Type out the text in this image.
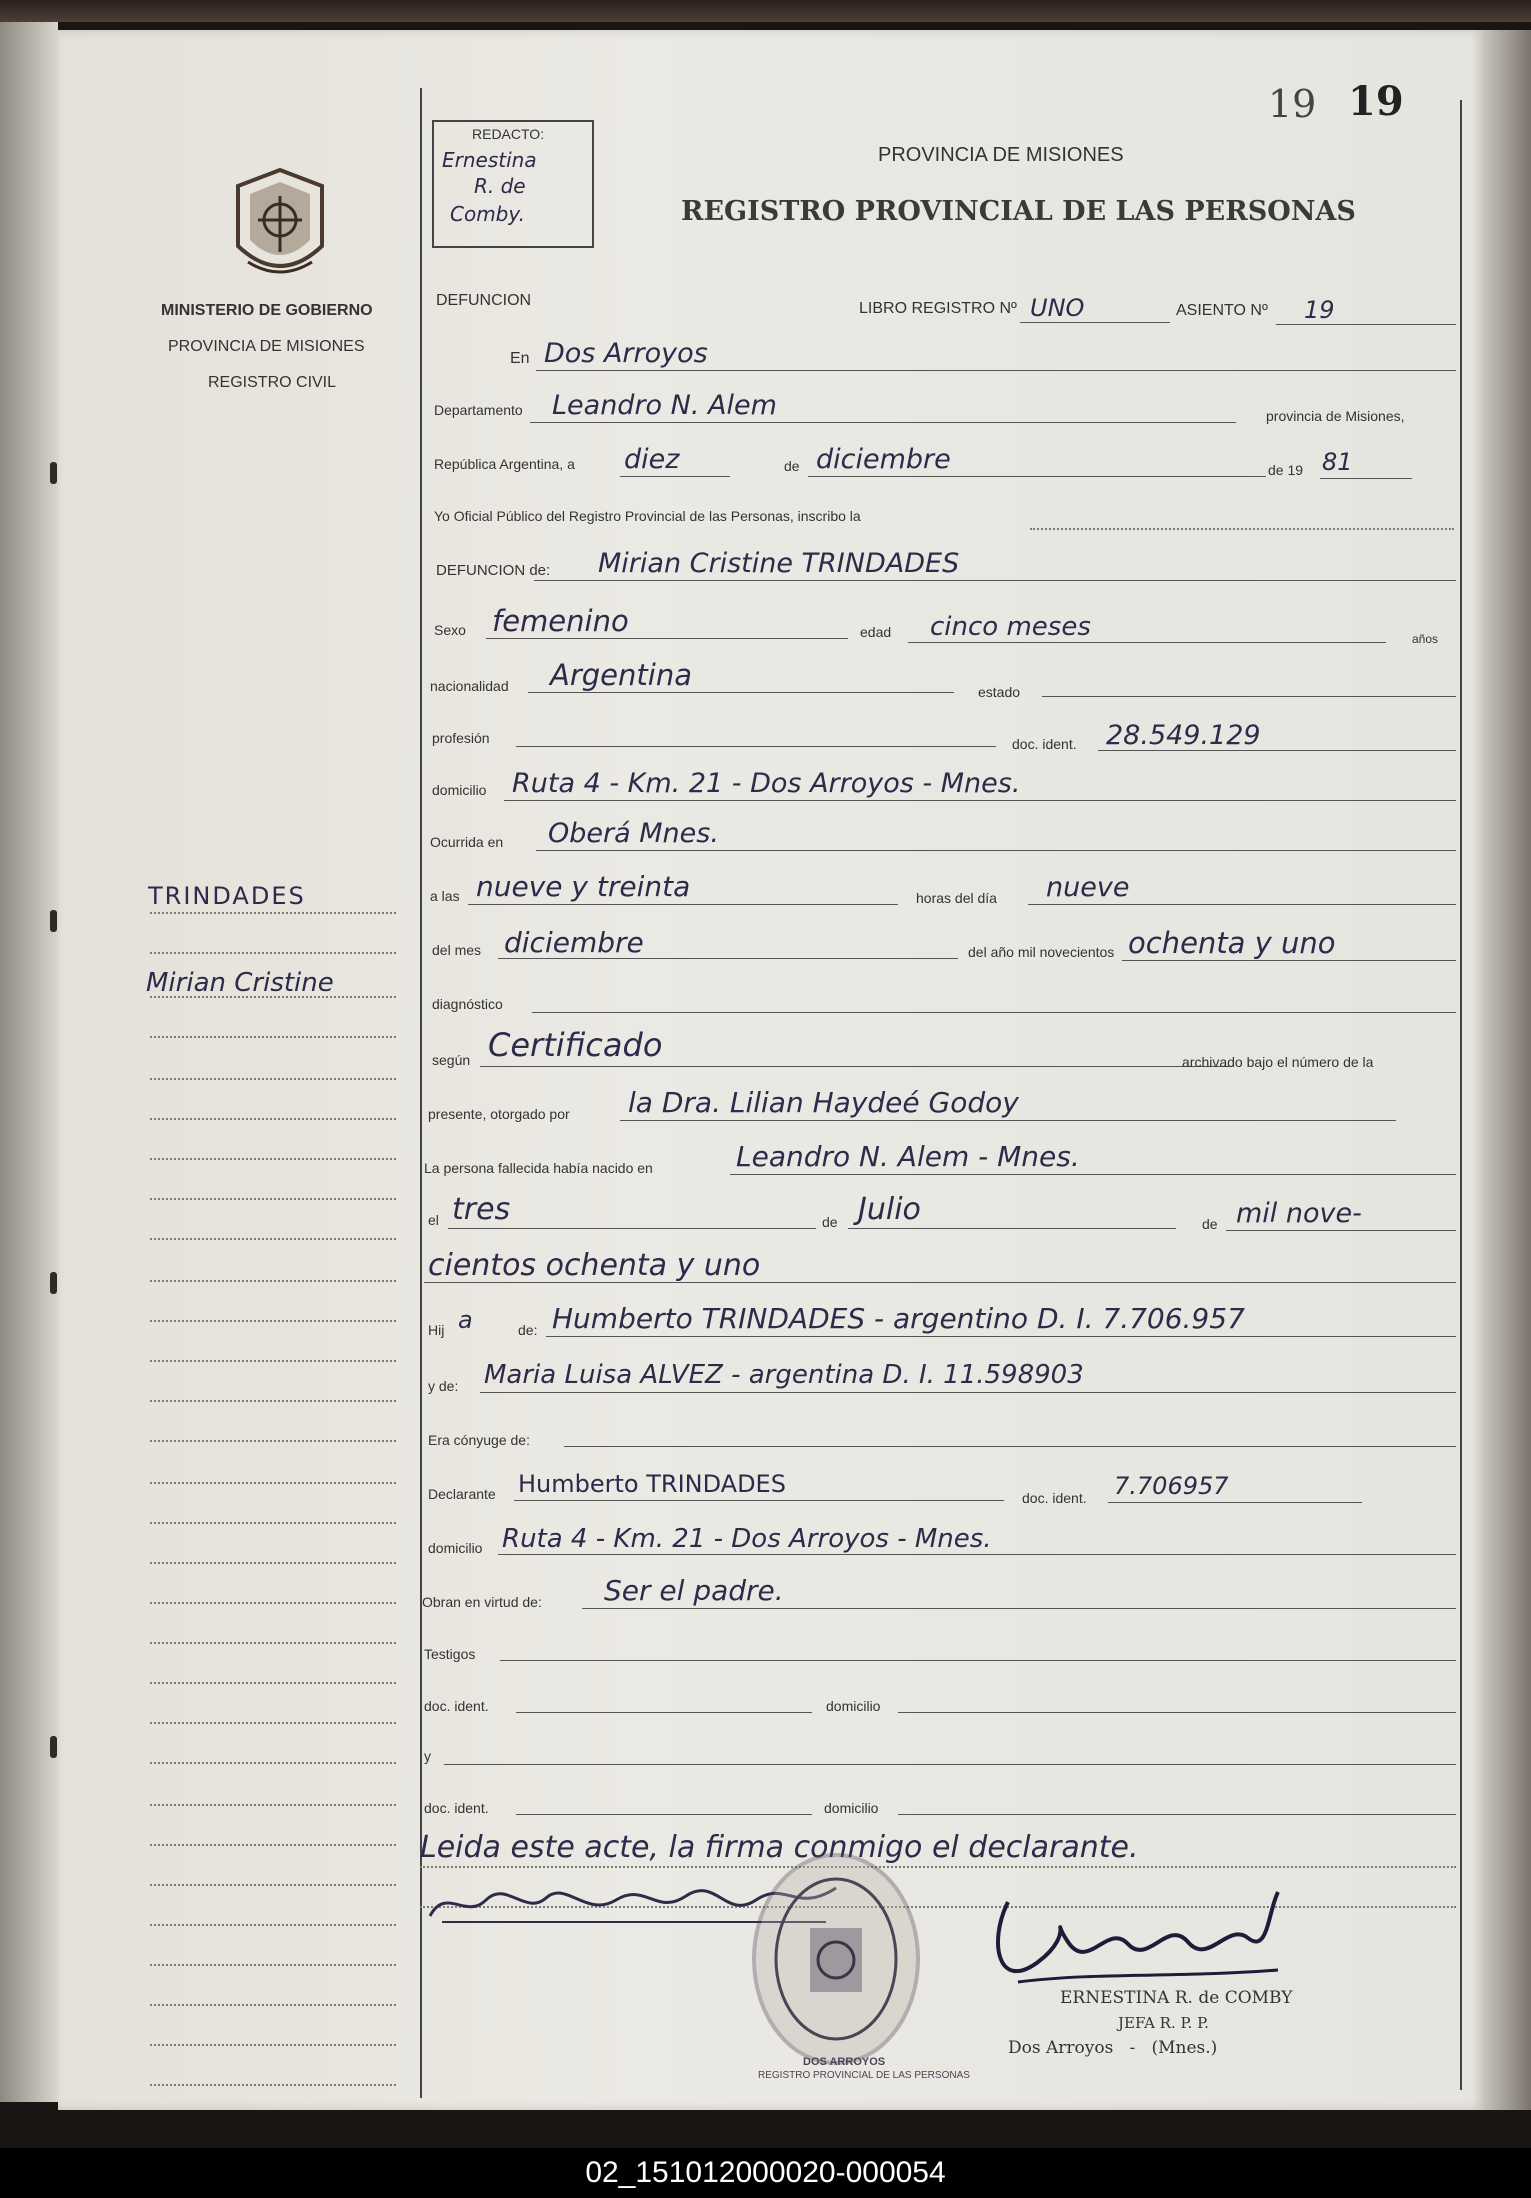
MINISTERIO DE GOBIERNO
PROVINCIA DE MISIONES
REGISTRO CIVIL
TRINDADES
Mirian Cristine
REDACTO:
Ernestina
R. de
Comby.
19 19
PROVINCIA DE MISIONES
REGISTRO PROVINCIAL DE LAS PERSONAS
DEFUNCION	LIBRO REGISTRO Nº UNO	ASIENTO Nº 19
En Dos Arroyos
Departamento Leandro N. Alem	provincia de Misiones,
República Argentina, a diez	de diciembre	de 19 81
Yo Oficial Público del Registro Provincial de las Personas, inscribo la
DEFUNCION de: Mirian Cristine TRINDADES
Sexo femenino	edad cinco meses	años
nacionalidad Argentina	estado
profesión	doc. ident. 28.549.129
domicilio Ruta 4 - Km. 21 - Dos Arroyos - Mnes.
Ocurrida en Oberá Mnes.
a las nueve y treinta	horas del día nueve
del mes diciembre	del año mil novecientos ochenta y uno
diagnóstico
según Certificado	archivado bajo el número de la
presente, otorgado por la Dra. Lilian Haydeé Godoy
La persona fallecida había nacido en	Leandro N. Alem - Mnes.
el tres	de Julio	de mil nove-
cientos ochenta y uno
Hij a	de: Humberto TRINDADES - argentino D. I. 7.706.957
y de: Maria Luisa ALVEZ - argentina D. I. 11.598903
Era cónyuge de:
Declarante Humberto TRINDADES	doc. ident. 7.706957
domicilio Ruta 4 - Km. 21 - Dos Arroyos - Mnes.
Obran en virtud de: Ser el padre.
Testigos
doc. ident.	domicilio
y
doc. ident.	domicilio
Leida este acte, la firma conmigo el declarante.
REGISTRO PROVINCIAL DE LAS PERSONAS
DOS ARROYOS
ERNESTINA R. de COMBY
JEFA R. P. P.
Dos Arroyos   -   (Mnes.)
02_151012000020-000054
